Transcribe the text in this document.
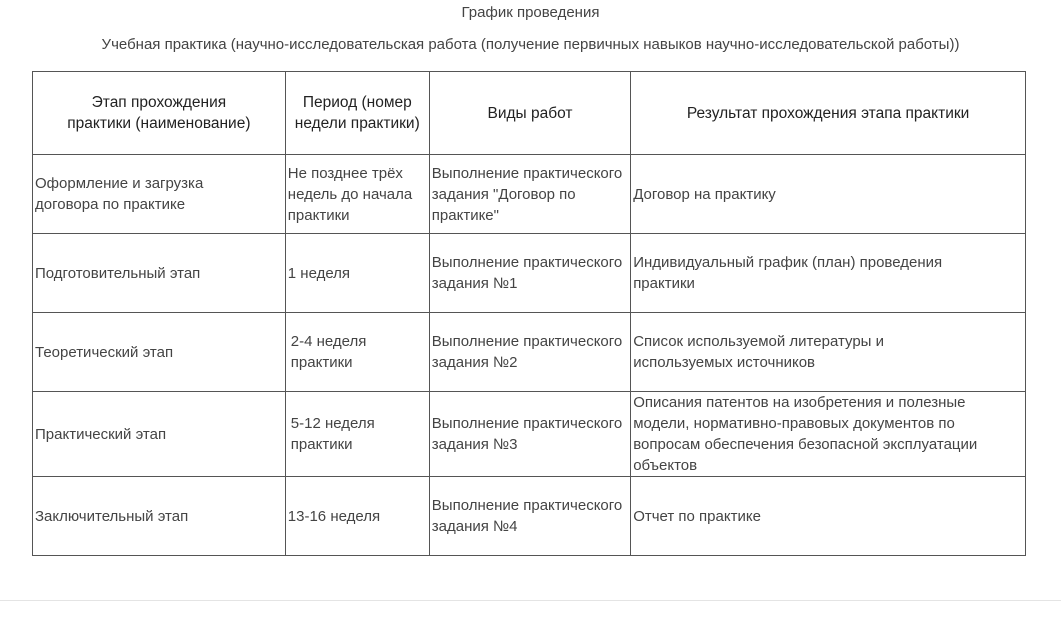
График проведения
Учебная практика (научно-исследовательская работа (получение первичных навыков научно-исследовательской работы))
Этап прохождения практики (наименование)	Период (номер недели практики)	Виды работ	Результат прохождения этапа практики
Оформление и загрузка договора по практике	Не позднее трёх недель до начала практики	Выполнение практического задания "Договор по практике"	Договор на практику
Подготовительный этап	1 неделя	Выполнение практического задания №1	Индивидуальный график (план) проведения практики
Теоретический этап	2-4 неделя практики	Выполнение практического задания №2	Список используемой литературы и используемых источников
Практический этап	5-12 неделя практики	Выполнение практического задания №3	Описания патентов на изобретения и полезные модели, нормативно-правовых документов по вопросам обеспечения безопасной эксплуатации объектов
Заключительный этап	13-16 неделя	Выполнение практического задания №4	Отчет по практике
